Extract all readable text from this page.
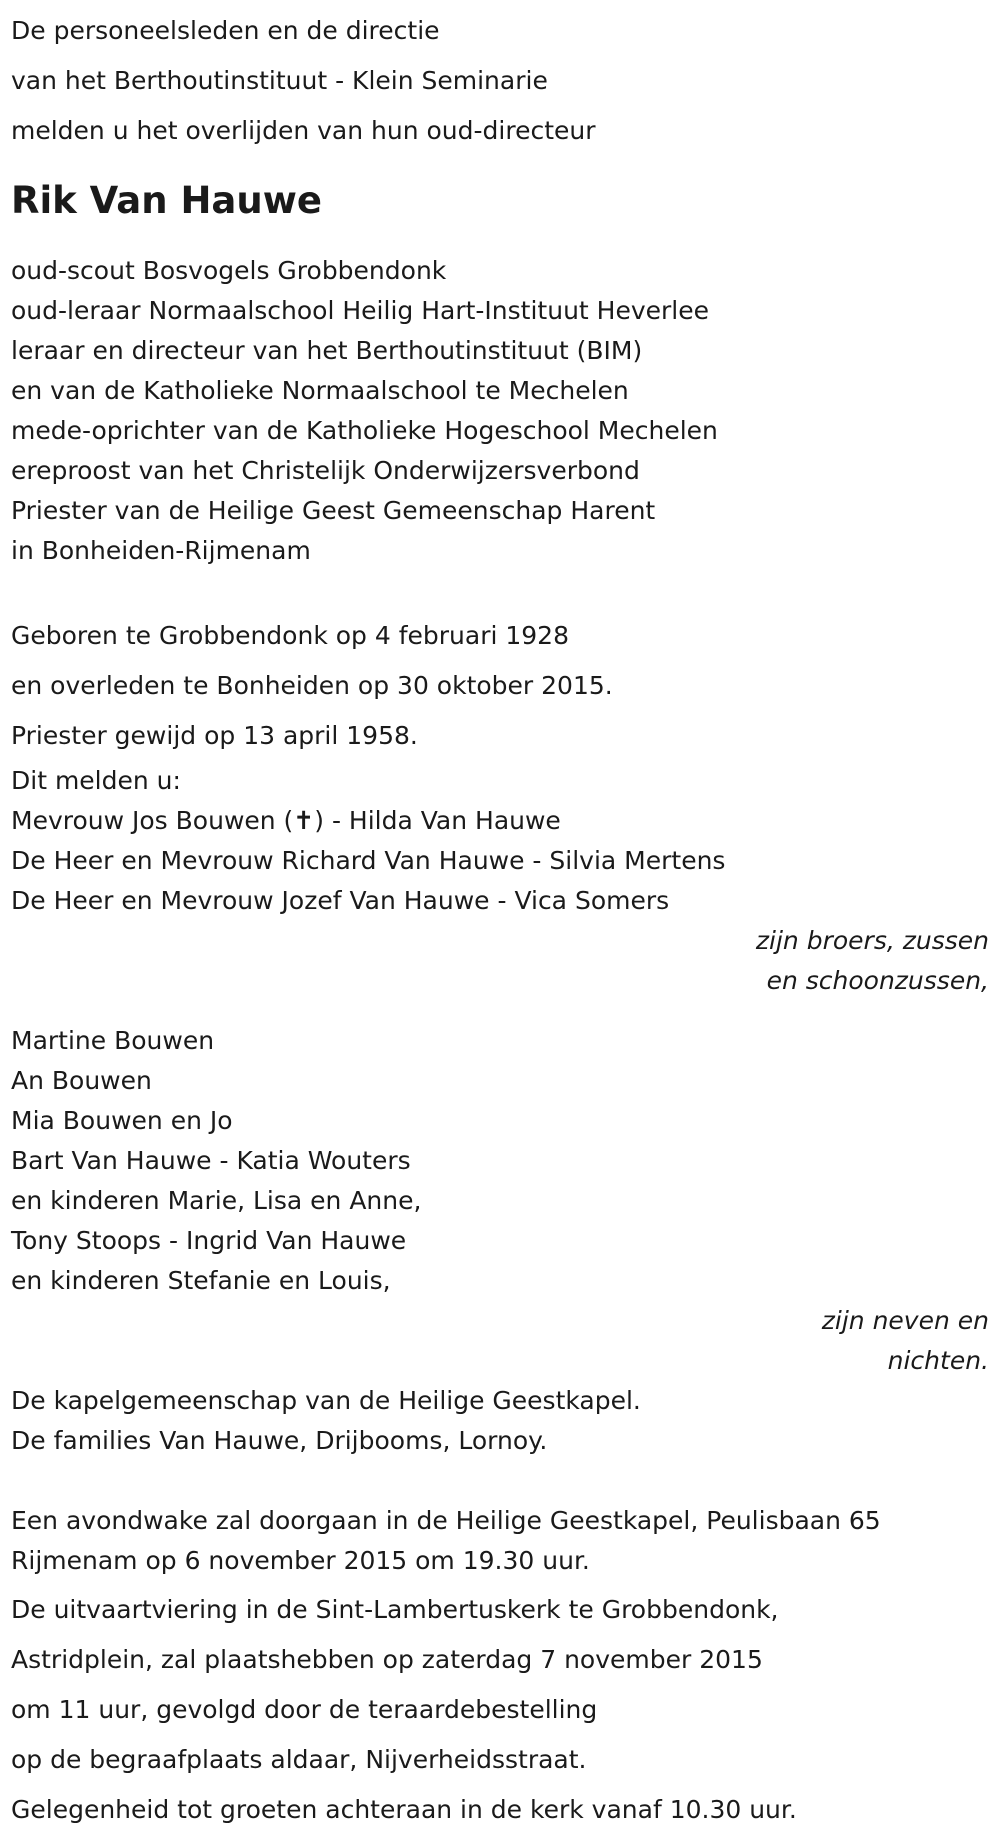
De personeelsleden en de directie
van het Berthoutinstituut - Klein Seminarie
melden u het overlijden van hun oud-directeur
Rik Van Hauwe
oud-scout Bosvogels Grobbendonk
oud-leraar Normaalschool Heilig Hart-Instituut Heverlee
leraar en directeur van het Berthoutinstituut (BIM)
en van de Katholieke Normaalschool te Mechelen
mede-oprichter van de Katholieke Hogeschool Mechelen
ereproost van het Christelijk Onderwijzersverbond
Priester van de Heilige Geest Gemeenschap Harent
in Bonheiden-Rijmenam
Geboren te Grobbendonk op 4 februari 1928
en overleden te Bonheiden op 30 oktober 2015.
Priester gewijd op 13 april 1958.
Dit melden u:
Mevrouw Jos Bouwen (✝) - Hilda Van Hauwe
De Heer en Mevrouw Richard Van Hauwe - Silvia Mertens
De Heer en Mevrouw Jozef Van Hauwe - Vica Somers
zijn broers, zussen
en schoonzussen,
Martine Bouwen
An Bouwen
Mia Bouwen en Jo
Bart Van Hauwe - Katia Wouters
en kinderen Marie, Lisa en Anne,
Tony Stoops - Ingrid Van Hauwe
en kinderen Stefanie en Louis,
zijn neven en
nichten.
De kapelgemeenschap van de Heilige Geestkapel.
De families Van Hauwe, Drijbooms, Lornoy.
Een avondwake zal doorgaan in de Heilige Geestkapel, Peulisbaan 65
Rijmenam op 6 november 2015 om 19.30 uur.
De uitvaartviering in de Sint-Lambertuskerk te Grobbendonk,
Astridplein, zal plaatshebben op zaterdag 7 november 2015
om 11 uur, gevolgd door de teraardebestelling
op de begraafplaats aldaar, Nijverheidsstraat.
Gelegenheid tot groeten achteraan in de kerk vanaf 10.30 uur.
